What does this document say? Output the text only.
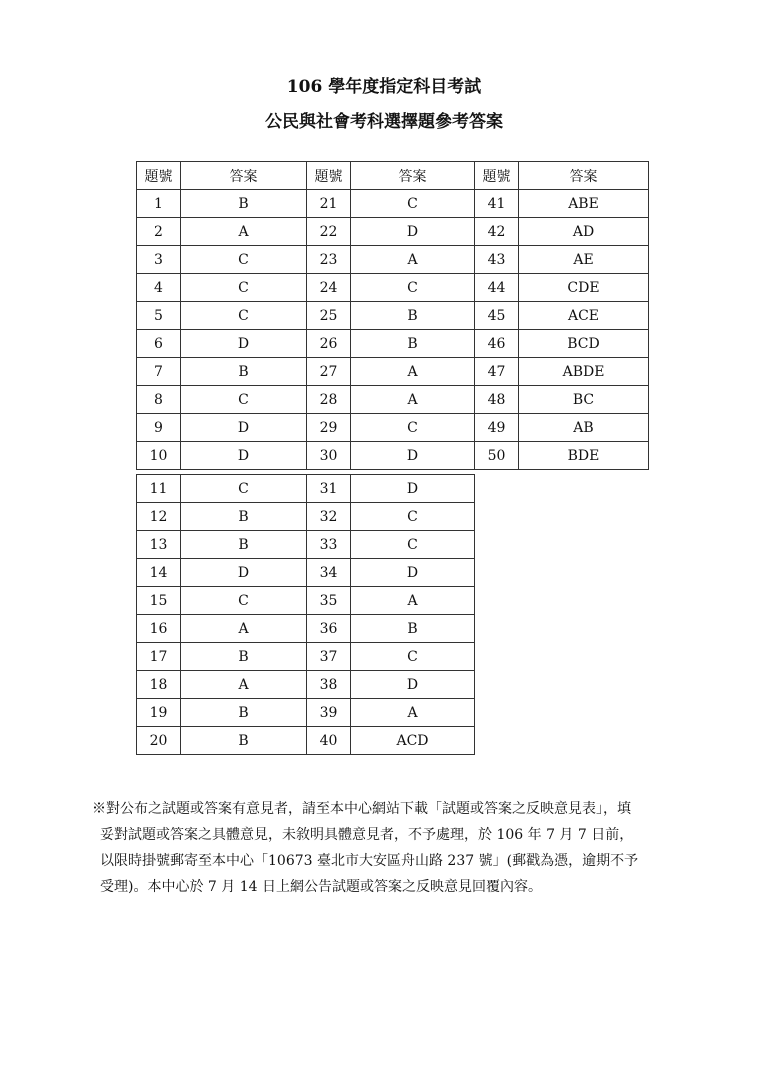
106 學年度指定科目考試
公民與社會考科選擇題參考答案
題號	答案	題號	答案	題號	答案
1	B	21	C	41	ABE
2	A	22	D	42	AD
3	C	23	A	43	AE
4	C	24	C	44	CDE
5	C	25	B	45	ACE
6	D	26	B	46	BCD
7	B	27	A	47	ABDE
8	C	28	A	48	BC
9	D	29	C	49	AB
10	D	30	D	50	BDE
11	C	31	D
12	B	32	C
13	B	33	C
14	D	34	D
15	C	35	A
16	A	36	B
17	B	37	C
18	A	38	D
19	B	39	A
20	B	40	ACD

※對公布之試題或答案有意見者，請至本中心網站下載「試題或答案之反映意見表」，填

妥對試題或答案之具體意見，未敘明具體意見者，不予處理，於 106 年 7 月 7 日前，

以限時掛號郵寄至本中心「10673 臺北市大安區舟山路 237 號」(郵戳為憑，逾期不予

受理)。本中心於 7 月 14 日上網公告試題或答案之反映意見回覆內容。
